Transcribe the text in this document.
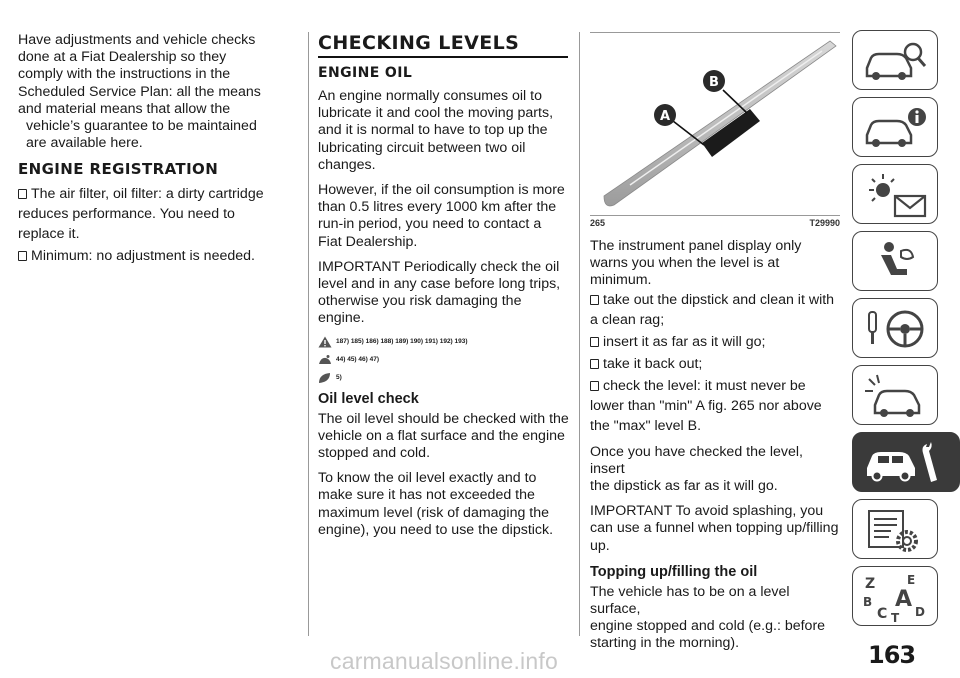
Have adjustments and vehicle checks
done at a Fiat Dealership so they
comply with the instructions in the
Scheduled Service Plan: all the means
and material means that allow the
vehicle’s guarantee to be maintained
are available here.

ENGINE REGISTRATION

The air filter, oil filter: a dirty cartridge
reduces performance. You need to
replace it.

Minimum: no adjustment is needed.

CHECKING LEVELS
ENGINE OIL

An engine normally consumes oil to
lubricate it and cool the moving parts,
and it is normal to have to top up the
lubricating circuit between two oil
changes.

However, if the oil consumption is more
than 0.5 litres every 1000 km after the
run-in period, you need to contact a
Fiat Dealership.

IMPORTANT Periodically check the oil
level and in any case before long trips,
otherwise you risk damaging the
engine.

187) 185) 186) 188) 189) 190) 191) 192) 193)
44) 45) 46) 47)
5)
Oil level check

The oil level should be checked with the
vehicle on a flat surface and the engine
stopped and cold.

To know the oil level exactly and to
make sure it has not exceeded the
maximum level (risk of damaging the
engine), you need to use the dipstick.

A
B
265	T29990

The instrument panel display only
warns you when the level is at
minimum.

take out the dipstick and clean it with
a clean rag;

insert it as far as it will go;

take it back out;

check the level: it must never be
lower than "min" A fig. 265 nor above
the "max" level B.

Once you have checked the level, insert
the dipstick as far as it will go.

IMPORTANT To avoid splashing, you
can use a funnel when topping up/filling
up.

Topping up/filling the oil

The vehicle has to be on a level surface,
engine stopped and cold (e.g.: before
starting in the morning).

Z	E
B A
C D
T
163
carmanualsonline.info
